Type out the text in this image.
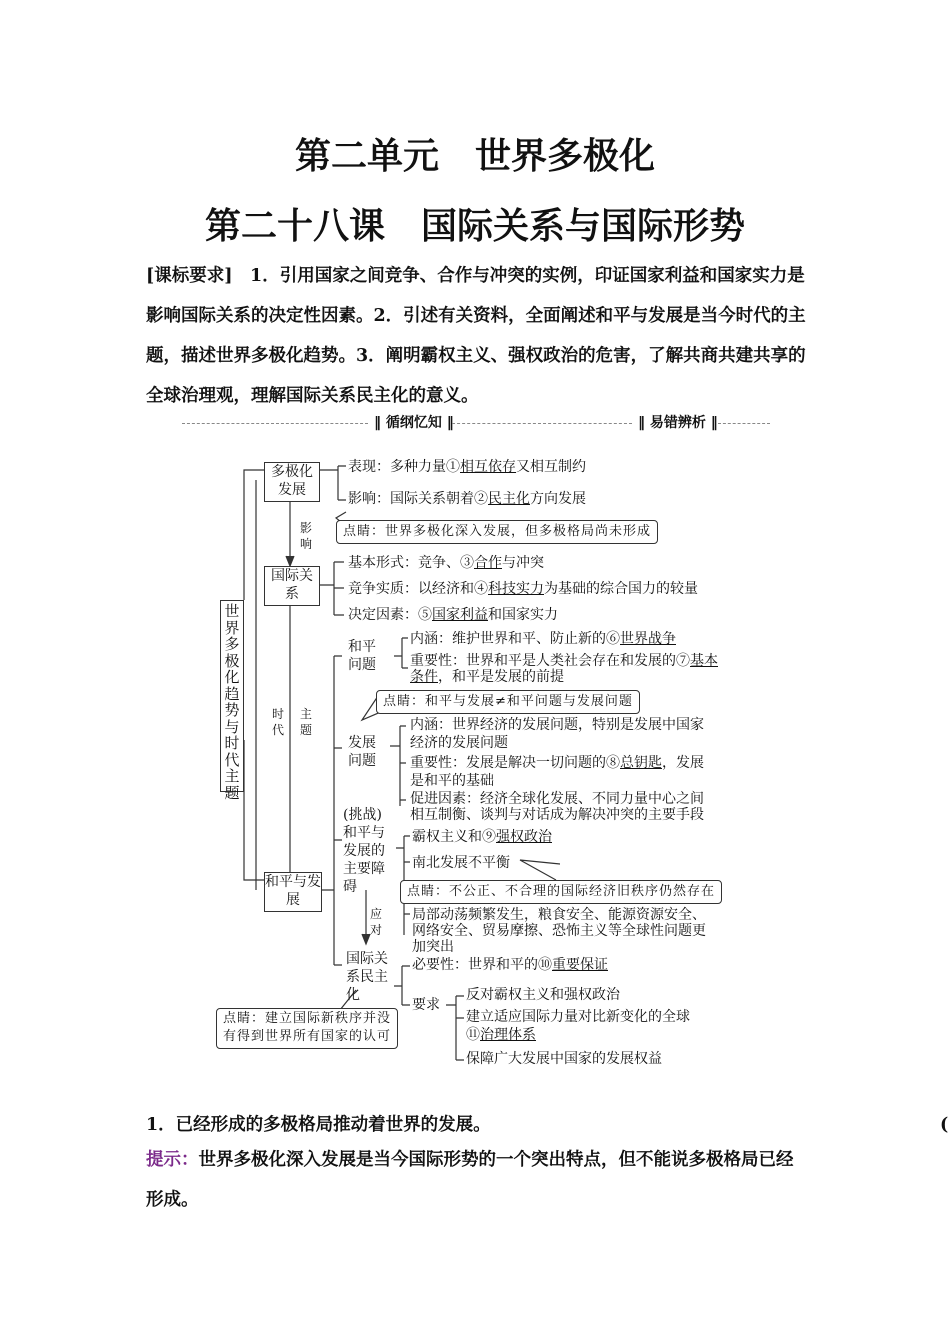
第二单元　世界多极化
第二十八课　国际关系与国际形势
[课标要求]　1．引用国家之间竞争、合作与冲突的实例，印证国家利益和国家实力是影响国际关系的决定性因素。2．引述有关资料，全面阐述和平与发展是当今时代的主题，描述世界多极化趋势。3．阐明霸权主义、强权政治的危害，了解共商共建共享的全球治理观，理解国际关系民主化的意义。
‖ 循纲忆知 ‖	‖ 易错辨析 ‖
世界多极化趋势与时代主题
多极化发展
表现：多种力量①相互依存又相互制约
影响：国际关系朝着②民主化方向发展
点睛：世界多极化深入发展，但多极格局尚未形成
影响
国际关系
基本形式：竞争、③合作与冲突
竞争实质：以经济和④科技实力为基础的综合国力的较量
决定因素：⑤国家利益和国家实力
时代
主题
和平问题
内涵：维护世界和平、防止新的⑥世界战争
重要性：世界和平是人类社会存在和发展的⑦基本
条件，和平是发展的前提
点睛：和平与发展≠和平问题与发展问题
发展问题
内涵：世界经济的发展问题，特别是发展中国家
经济的发展问题
重要性：发展是解决一切问题的⑧总钥匙，发展
是和平的基础
促进因素：经济全球化发展、不同力量中心之间
相互制衡、谈判与对话成为解决冲突的主要手段
(挑战)和平与发展的主要障碍
霸权主义和⑨强权政治
南北发展不平衡
点睛：不公正、不合理的国际经济旧秩序仍然存在
局部动荡频繁发生，粮食安全、能源资源安全、
网络安全、贸易摩擦、恐怖主义等全球性问题更
加突出
应对
和平与发展
国际关系民主化
必要性：世界和平的⑩重要保证
要求
反对霸权主义和强权政治
建立适应国际力量对比新变化的全球
⑪治理体系
保障广大发展中国家的发展权益
点睛：建立国际新秩序并没
有得到世界所有国家的认可
1．已经形成的多极格局推动着世界的发展。	(
提示：世界多极化深入发展是当今国际形势的一个突出特点，但不能说多极格局已经形成。
